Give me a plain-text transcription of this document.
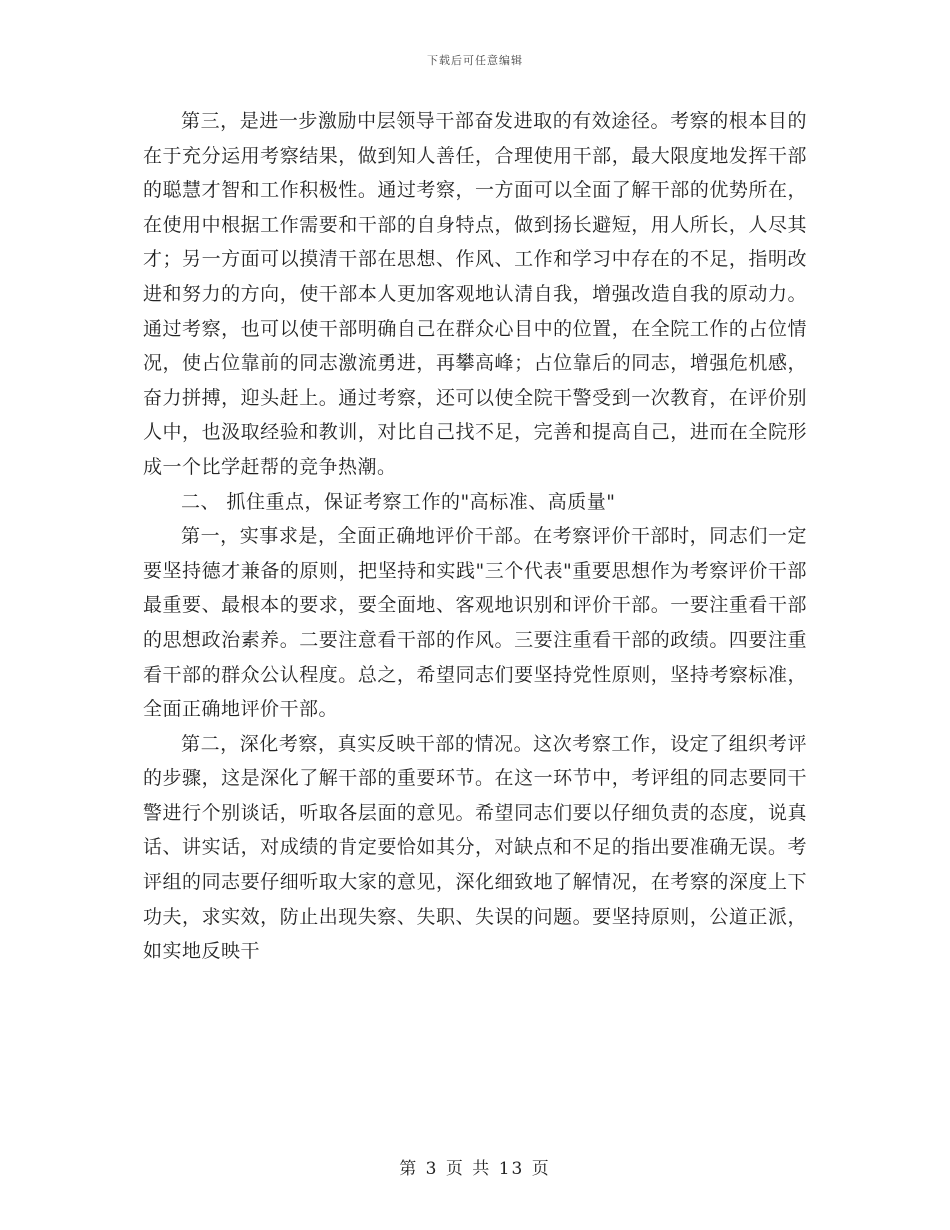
下载后可任意编辑

第三，是进一步激励中层领导干部奋发进取的有效途径。考察的根本目的在于充分运用考察结果，做到知人善任，合理使用干部，最大限度地发挥干部的聪慧才智和工作积极性。通过考察，一方面可以全面了解干部的优势所在，在使用中根据工作需要和干部的自身特点，做到扬长避短，用人所长，人尽其才；另一方面可以摸清干部在思想、作风、工作和学习中存在的不足，指明改进和努力的方向，使干部本人更加客观地认清自我，增强改造自我的原动力。通过考察，也可以使干部明确自己在群众心目中的位置，在全院工作的占位情况，使占位靠前的同志激流勇进，再攀高峰；占位靠后的同志，增强危机感，奋力拼搏，迎头赶上。通过考察，还可以使全院干警受到一次教育，在评价别人中，也汲取经验和教训，对比自己找不足，完善和提高自己，进而在全院形成一个比学赶帮的竞争热潮。

二、 抓住重点，保证考察工作的"高标准、高质量"

第一，实事求是，全面正确地评价干部。在考察评价干部时，同志们一定要坚持德才兼备的原则，把坚持和实践"三个代表"重要思想作为考察评价干部最重要、最根本的要求，要全面地、客观地识别和评价干部。一要注重看干部的思想政治素养。二要注意看干部的作风。三要注重看干部的政绩。四要注重看干部的群众公认程度。总之，希望同志们要坚持党性原则，坚持考察标准，全面正确地评价干部。

第二，深化考察，真实反映干部的情况。这次考察工作，设定了组织考评的步骤，这是深化了解干部的重要环节。在这一环节中，考评组的同志要同干警进行个别谈话，听取各层面的意见。希望同志们要以仔细负责的态度，说真话、讲实话，对成绩的肯定要恰如其分，对缺点和不足的指出要准确无误。考评组的同志要仔细听取大家的意见，深化细致地了解情况，在考察的深度上下功夫，求实效，防止出现失察、失职、失误的问题。要坚持原则，公道正派，如实地反映干

第 3 页 共 13 页
